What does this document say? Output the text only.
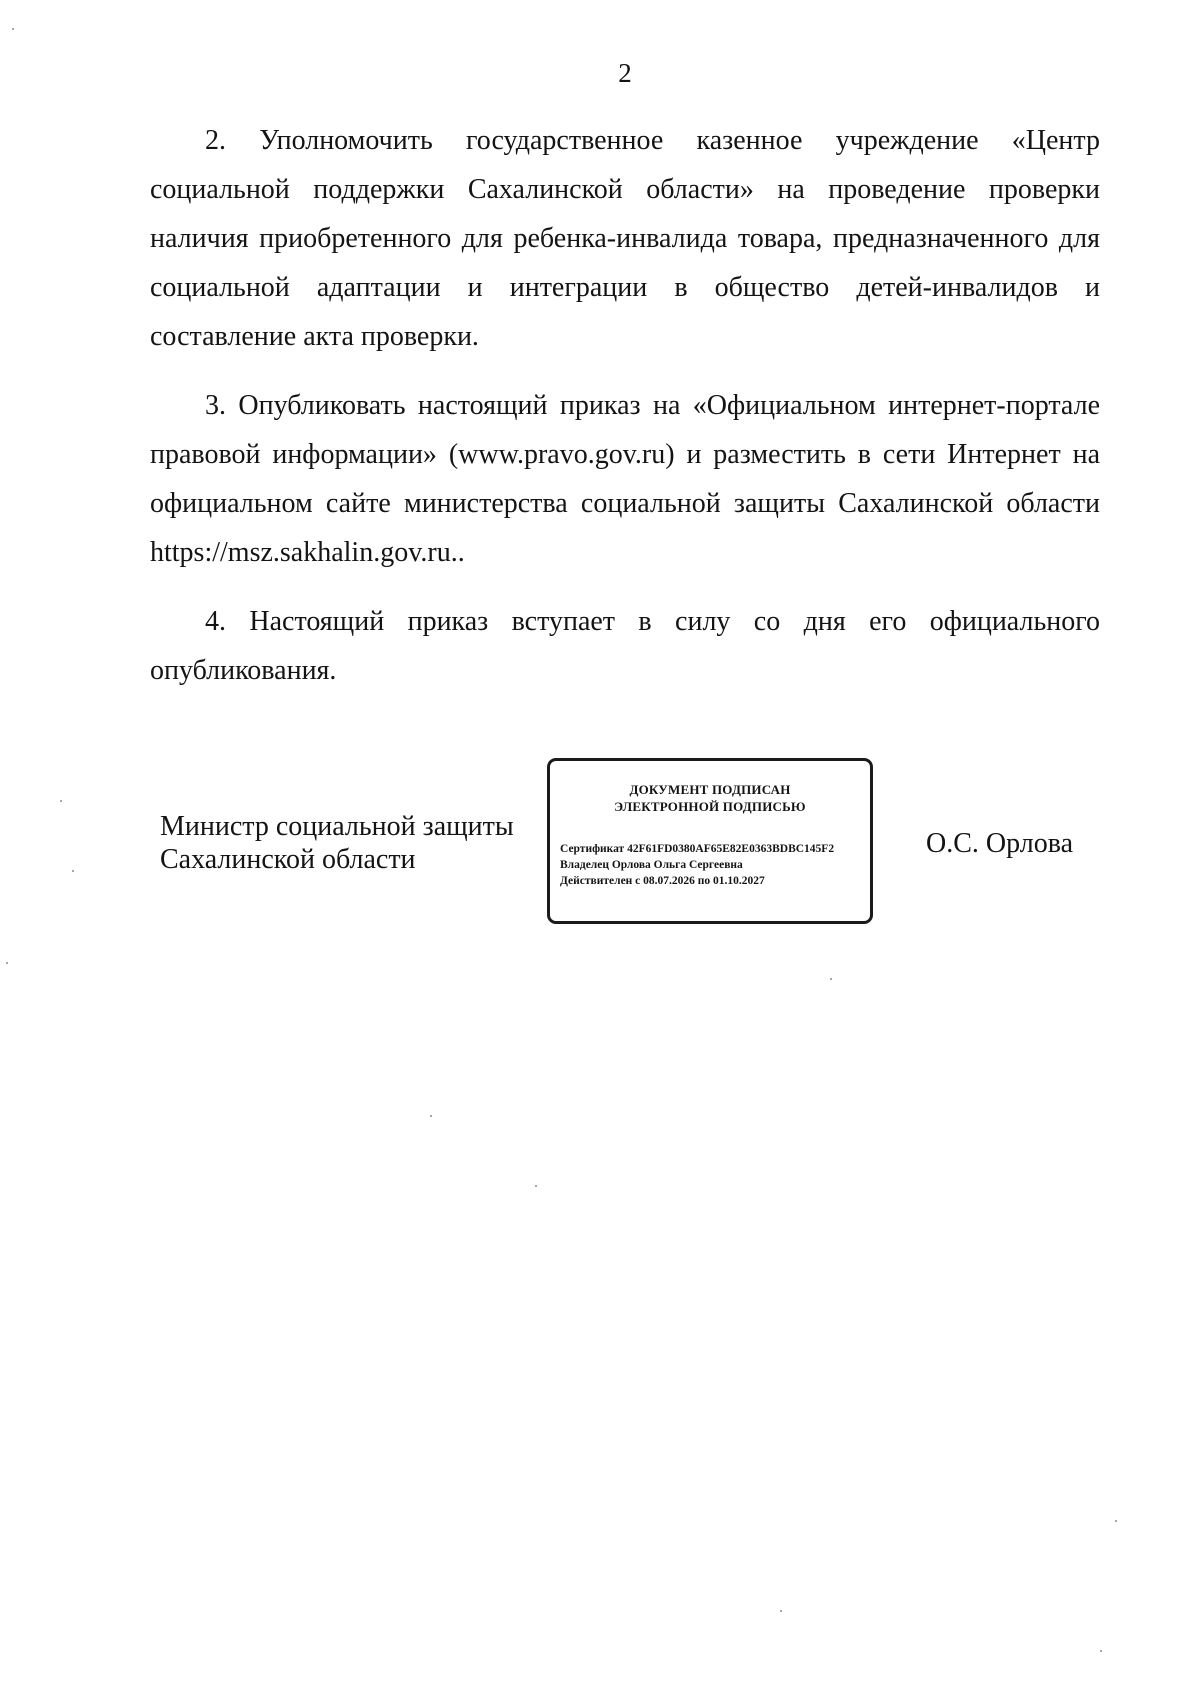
2

2. Уполномочить государственное казенное учреждение «Центр социальной поддержки Сахалинской области» на проведение проверки наличия приобретенного для ребенка-инвалида товара, предназначенного для социальной адаптации и интеграции в общество детей-инвалидов и составление акта проверки.

3. Опубликовать настоящий приказ на «Официальном интернет-портале правовой информации» (www.pravo.gov.ru) и разместить в сети Интернет на официальном сайте министерства социальной защиты Сахалинской области https://msz.sakhalin.gov.ru..

4. Настоящий приказ вступает в силу со дня его официального опубликования.

Министр социальной защиты
Сахалинской области
ДОКУМЕНТ ПОДПИСАН
ЭЛЕКТРОННОЙ ПОДПИСЬЮ
Сертификат 42F61FD0380AF65E82E0363BDBC145F2
Владелец Орлова Ольга Сергеевна
Действителен с 08.07.2026 по 01.10.2027
О.С. Орлова
